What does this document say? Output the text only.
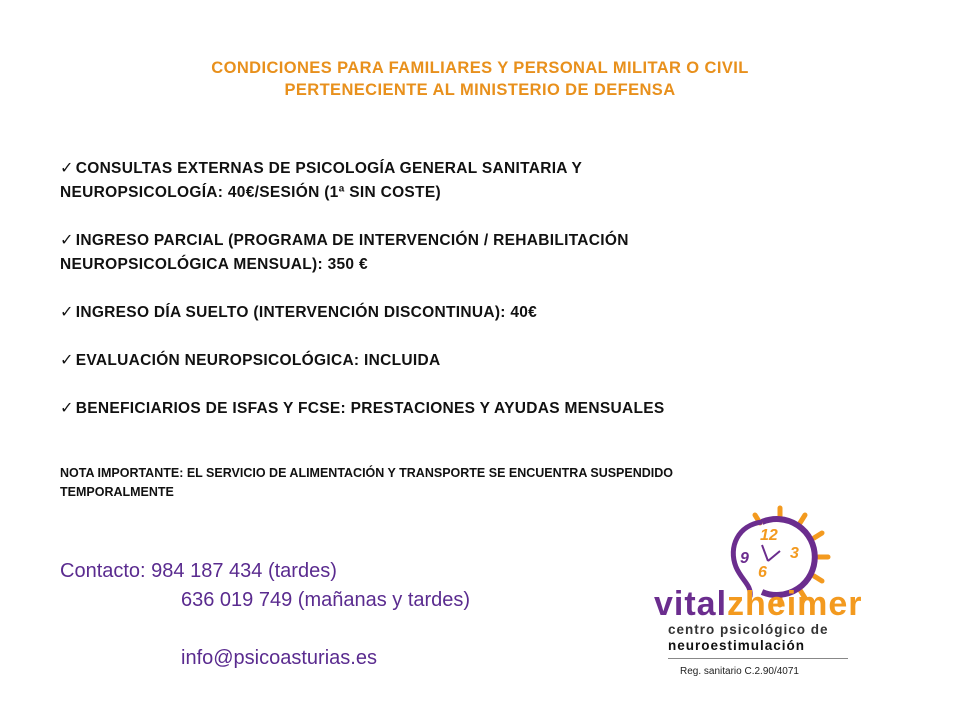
CONDICIONES PARA FAMILIARES Y PERSONAL MILITAR O CIVIL
PERTENECIENTE AL MINISTERIO DE DEFENSA
✓ CONSULTAS EXTERNAS DE PSICOLOGÍA GENERAL SANITARIA Y
NEUROPSICOLOGÍA: 40€/SESIÓN (1ª SIN COSTE)
✓ INGRESO PARCIAL (PROGRAMA DE INTERVENCIÓN / REHABILITACIÓN
NEUROPSICOLÓGICA MENSUAL): 350 €
✓ INGRESO DÍA SUELTO (INTERVENCIÓN DISCONTINUA): 40€
✓ EVALUACIÓN NEUROPSICOLÓGICA: INCLUIDA
✓ BENEFICIARIOS DE ISFAS Y FCSE: PRESTACIONES Y AYUDAS MENSUALES
NOTA IMPORTANTE: EL SERVICIO DE ALIMENTACIÓN Y TRANSPORTE SE ENCUENTRA SUSPENDIDO
TEMPORALMENTE
Contacto: 984 187 434 (tardes)
636 019 749 (mañanas y tardes)
info@psicoasturias.es
12
9	3
6
vitalzheimer
centro psicológico de
neuroestimulación
Reg. sanitario C.2.90/4071
